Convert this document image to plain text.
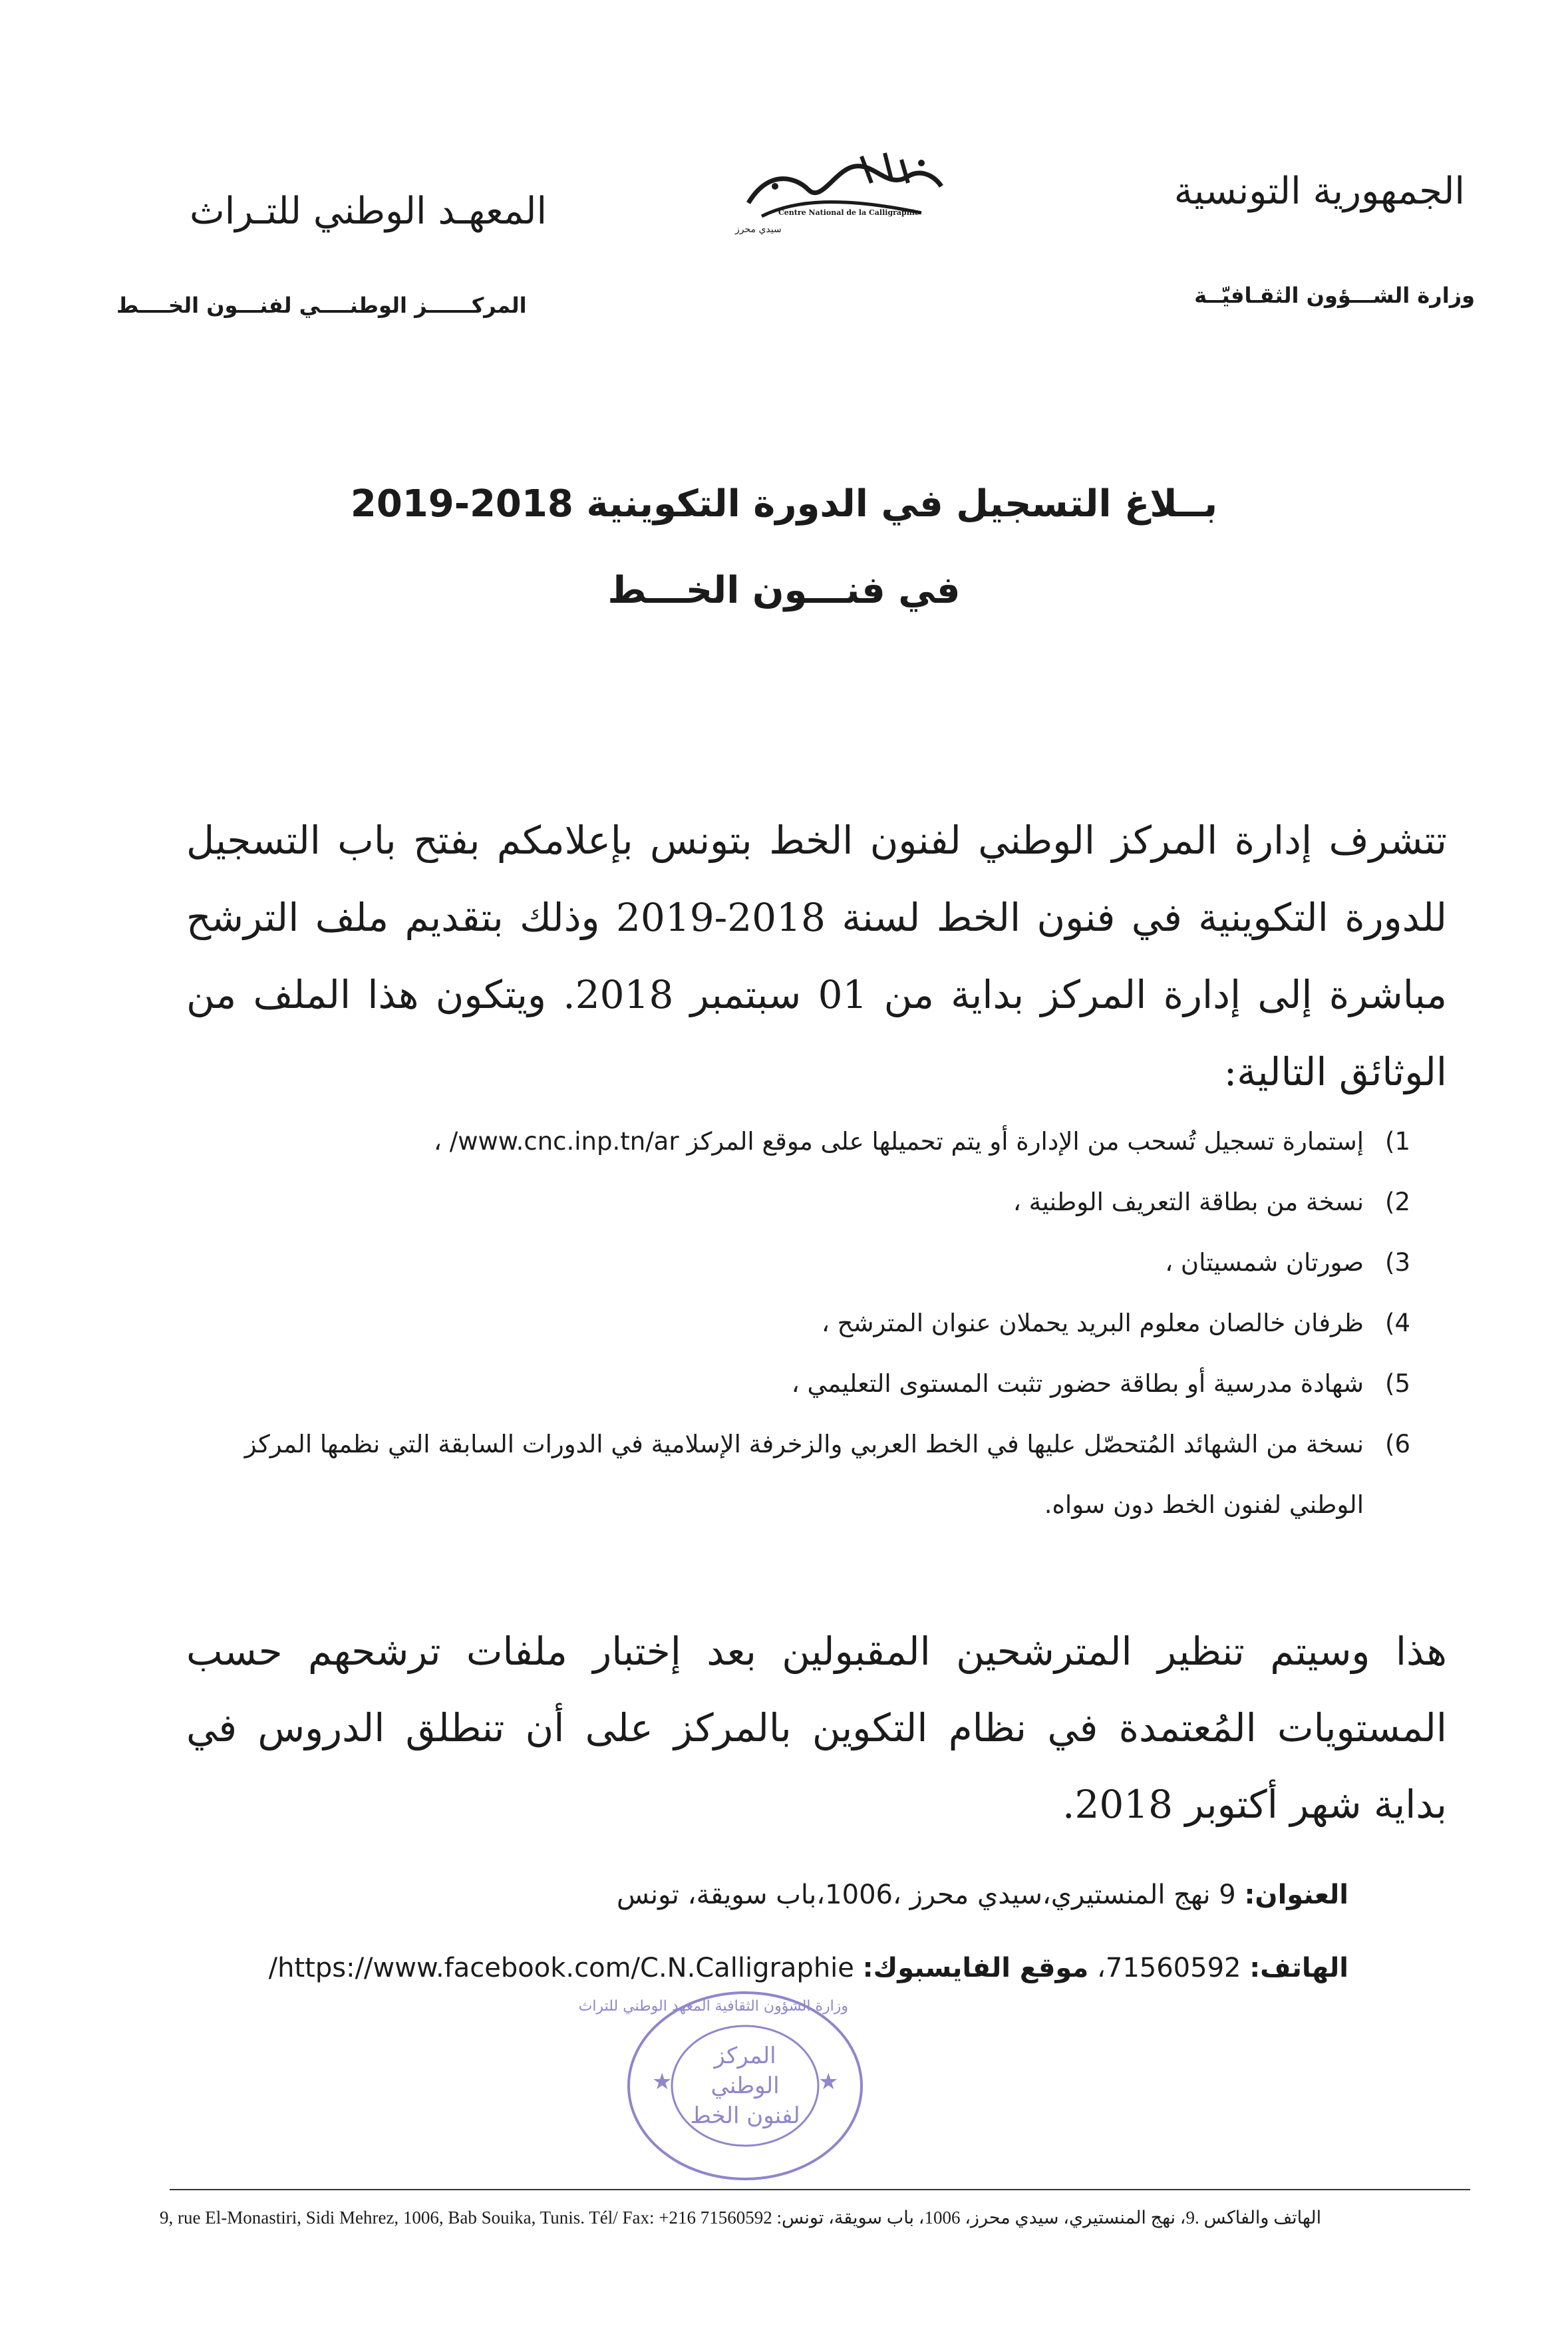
الجمهورية التونسية
وزارة الشـــؤون الثقـافيّــة
المعهـد الوطني للتـراث
المركــــــز الوطنــــي لفنـــون الخــــط
Centre National de la Calligraphie
سيدي محرز
بــلاغ التسجيل في الدورة التكوينية 2018-2019
في فنـــون الخـــط
تتشرف إدارة المركز الوطني لفنون الخط بتونس بإعلامكم بفتح باب التسجيل للدورة التكوينية في فنون الخط لسنة 2018-2019 وذلك بتقديم ملف الترشح مباشرة إلى إدارة المركز بداية من 01 سبتمبر 2018. ويتكون هذا الملف من الوثائق التالية:
1)
إستمارة تسجيل تُسحب من الإدارة أو يتم تحميلها على موقع المركز www.cnc.inp.tn/ar/ ،
2)
نسخة من بطاقة التعريف الوطنية ،
3)
صورتان شمسيتان ،
4)
ظرفان خالصان معلوم البريد يحملان عنوان المترشح ،
5)
شهادة مدرسية أو بطاقة حضور تثبت المستوى التعليمي ،
6)
نسخة من الشهائد المُتحصّل عليها في الخط العربي والزخرفة الإسلامية في الدورات السابقة التي نظمها المركز الوطني لفنون الخط دون سواه.
هذا وسيتم تنظير المترشحين المقبولين بعد إختبار ملفات ترشحهم حسب المستويات المُعتمدة في نظام التكوين بالمركز على أن تنطلق الدروس في بداية شهر أكتوبر 2018.
العنوان: 9 نهج المنستيري،سيدي محرز ،1006،باب سويقة، تونس
الهاتف: 71560592، موقع الفايسبوك: https://www.facebook.com/C.N.Calligraphie/
★	★
وزارة الشؤون الثقافية المعهد الوطني للتراث
المركز
الوطني
لفنون الخط
9, rue El-Monastiri, Sidi Mehrez, 1006, Bab Souika, Tunis. Tél/ Fax: +216 71560592 :الهاتف والفاكس .9، نهج المنستيري، سيدي محرز، 1006، باب سويقة، تونس
